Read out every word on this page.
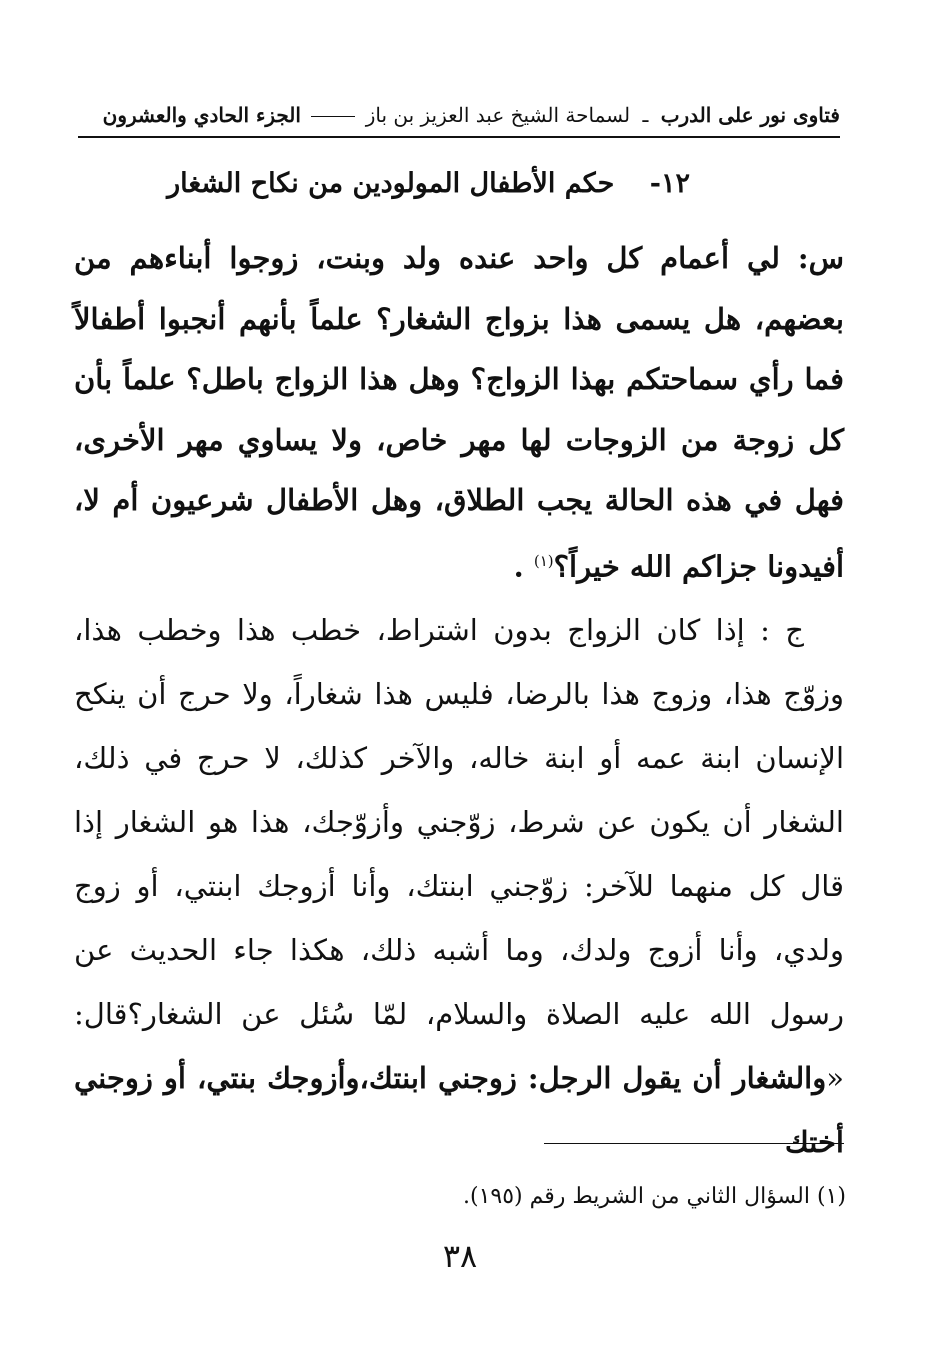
فتاوى نور على الدرب ـ لسماحة الشيخ عبد العزيز بن باز  الجزء الحادي والعشرون
١٢- حكم الأطفال المولودين من نكاح الشغار
س: لي أعمام كل واحد عنده ولد وبنت، زوجوا أبناءهم من بعضهم، هل يسمى هذا بزواج الشغار؟ علماً بأنهم أنجبوا أطفالاً فما رأي سماحتكم بهذا الزواج؟ وهل هذا الزواج باطل؟ علماً بأن كل زوجة من الزوجات لها مهر خاص، ولا يساوي مهر الأخرى، فهل في هذه الحالة يجب الطلاق، وهل الأطفال شرعيون أم لا، أفيدونا جزاكم الله خيراً؟$^{(١)}$ .
ج : إذا كان الزواج بدون اشتراط، خطب هذا وخطب هذا، وزوّج هذا، وزوج هذا بالرضا، فليس هذا شغاراً، ولا حرج أن ينكح الإنسان ابنة عمه أو ابنة خاله، والآخر كذلك، لا حرج في ذلك، الشغار أن يكون عن شرط، زوّجني وأزوّجك، هذا هو الشغار إذا قال كل منهما للآخر: زوّجني ابنتك، وأنا أزوجك ابنتي، أو زوج ولدي، وأنا أزوج ولدك، وما أشبه ذلك، هكذا جاء الحديث عن رسول الله عليه الصلاة والسلام، لمّا سُئل عن الشغار؟قال: «والشغار أن يقول الرجل: زوجني ابنتك،وأزوجك بنتي، أو زوجني أختك
(١) السؤال الثاني من الشريط رقم (١٩٥).
٣٨
